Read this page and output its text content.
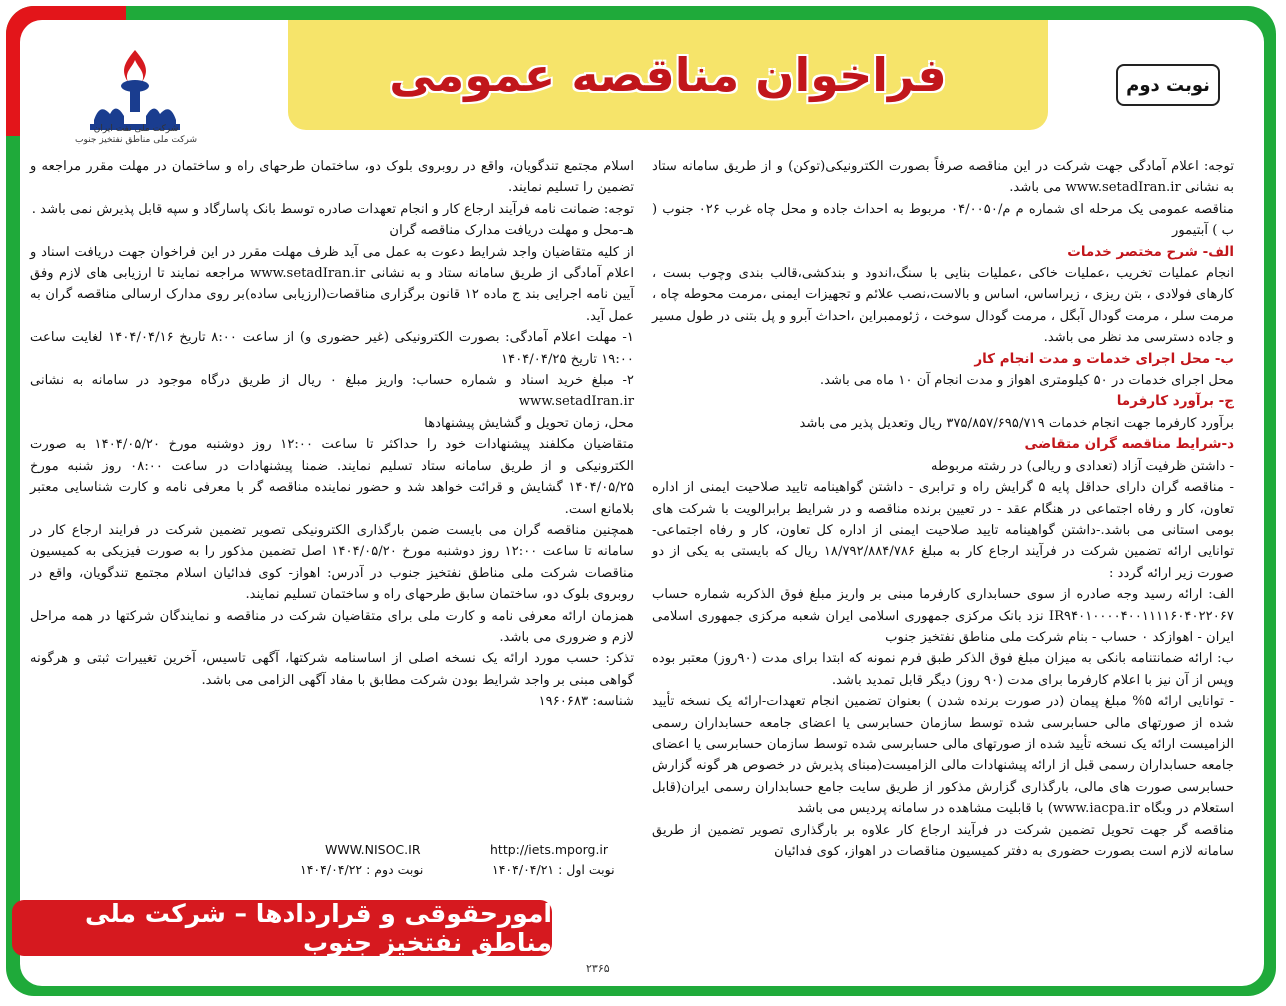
فراخوان مناقصه عمومی	نوبت دوم
شرکت ملی نفت ایران
شرکت ملی مناطق نفتخیز جنوب

توجه: اعلام آمادگی جهت شرکت در این مناقصه صرفاً بصورت الکترونیکی(توکن) و از طریق سامانه ستاد به نشانی www.setadIran.ir می باشد.

مناقصه عمومی یک مرحله ای شماره م م/۰۴/۰۰۵۰ مربوط به احداث جاده و محل چاه غرب ۰۲۶ جنوب ( ب ) آبتیمور

الف- شرح مختصر خدمات

انجام عملیات تخریب ،عملیات خاکی ،عملیات بنایی با سنگ،اندود و بندکشی،قالب بندی وچوب بست ، کارهای فولادی ، بتن ریزی ، زیراساس، اساس و بالاست،نصب علائم و تجهیزات ایمنی ،مرمت محوطه چاه ، مرمت سلر ، مرمت گودال آبگل ، مرمت گودال سوخت ، ژئوممبراین ،احداث آبرو و پل بتنی در طول مسیر و جاده دسترسی مد نظر می باشد.

ب- محل اجرای خدمات و مدت انجام کار

محل اجرای خدمات در ۵۰ کیلومتری اهواز و مدت انجام آن ۱۰ ماه می باشد.

ج- برآورد کارفرما

برآورد کارفرما جهت انجام خدمات ۳۷۵/۸۵۷/۶۹۵/۷۱۹ ریال وتعدیل پذیر می باشد

د-شرایط مناقصه گران متقاضی

- داشتن ظرفیت آزاد (تعدادی و ریالی) در رشته مربوطه

- مناقصه گران دارای حداقل پایه ۵ گرایش راه و ترابری - داشتن گواهینامه تایید صلاحیت ایمنی از اداره تعاون، کار و رفاه اجتماعی در هنگام عقد - در تعیین برنده مناقصه و در شرایط برابرالویت با شرکت های بومی استانی می باشد.-داشتن گواهینامه تایید صلاحیت ایمنی از اداره کل تعاون، کار و رفاه اجتماعی- توانایی ارائه تضمین شرکت در فرآیند ارجاع کار به مبلغ ۱۸/۷۹۲/۸۸۴/۷۸۶ ریال که بایستی به یکی از دو صورت زیر ارائه گردد :

الف: ارائه رسید وجه صادره از سوی حسابداری کارفرما مبنی بر واریز مبلغ فوق الذکربه شماره حساب IR۹۴۰۱۰۰۰۰۴۰۰۱۱۱۱۶۰۴۰۲۲۰۶۷ نزد بانک مرکزی جمهوری اسلامی ایران شعبه مرکزی جمهوری اسلامی ایران - اهوازکد ۰ حساب - بنام شرکت ملی مناطق نفتخیز جنوب

ب: ارائه ضمانتنامه بانکی به میزان مبلغ فوق الذکر طبق فرم نمونه که ابتدا برای مدت (۹۰روز) معتبر بوده وپس از آن نیز با اعلام کارفرما برای مدت (۹۰ روز) دیگر قابل تمدید باشد.

- توانایی ارائه ۵% مبلغ پیمان (در صورت برنده شدن ) بعنوان تضمین انجام تعهدات-ارائه یک نسخه تأیید شده از صورتهای مالی حسابرسی شده توسط سازمان حسابرسی یا اعضای جامعه حسابداران رسمی الزامیست ارائه یک نسخه تأیید شده از صورتهای مالی حسابرسی شده توسط سازمان حسابرسی یا اعضای جامعه حسابداران رسمی قبل از ارائه پیشنهادات مالی الزامیست(مبنای پذیرش در خصوص هر گونه گزارش حسابرسی صورت های مالی، بارگذاری گزارش مذکور از طریق سایت جامع حسابداران رسمی ایران(قابل استعلام در وبگاه www.iacpa.ir) با قابلیت مشاهده در سامانه پردیس می باشد

مناقصه گر جهت تحویل تضمین شرکت در فرآیند ارجاع کار علاوه بر بارگذاری تصویر تضمین از طریق سامانه لازم است بصورت حضوری به دفتر کمیسیون مناقصات در اهواز، کوی فدائیان

اسلام مجتمع تندگویان، واقع در روبروی بلوک دو، ساختمان طرحهای راه و ساختمان در مهلت مقرر مراجعه و تضمین را تسلیم نمایند.

توجه: ضمانت نامه فرآیند ارجاع کار و انجام تعهدات صادره توسط بانک پاسارگاد و سپه قابل پذیرش نمی باشد .

هـ-محل و مهلت دریافت مدارک مناقصه گران

از کلیه متقاضیان واجد شرایط دعوت به عمل می آید ظرف مهلت مقرر در این فراخوان جهت دریافت اسناد و اعلام آمادگی از طریق سامانه ستاد و به نشانی www.setadIran.ir مراجعه نمایند تا ارزیابی های لازم وفق آیین نامه اجرایی بند ج ماده ۱۲ قانون برگزاری مناقصات(ارزیابی ساده)بر روی مدارک ارسالی مناقصه گران به عمل آید.

۱- مهلت اعلام آمادگی: بصورت الکترونیکی (غیر حضوری و) از ساعت ۸:۰۰ تاریخ ۱۴۰۴/۰۴/۱۶ لغایت ساعت ۱۹:۰۰ تاریخ ۱۴۰۴/۰۴/۲۵

۲- مبلغ خرید اسناد و شماره حساب: واریز مبلغ ۰ ریال از طریق درگاه موجود در سامانه به نشانی www.setadIran.ir

محل، زمان تحویل و گشایش پیشنهادها

متقاضیان مکلفند پیشنهادات خود را حداکثر تا ساعت ۱۲:۰۰ روز دوشنبه مورخ ۱۴۰۴/۰۵/۲۰ به صورت الکترونیکی و از طریق سامانه ستاد تسلیم نمایند. ضمنا پیشنهادات در ساعت ۰۸:۰۰ روز شنبه مورخ ۱۴۰۴/۰۵/۲۵ گشایش و قرائت خواهد شد و حضور نماینده مناقصه گر با معرفی نامه و کارت شناسایی معتبر بلامانع است.

همچنین مناقصه گران می بایست ضمن بارگذاری الکترونیکی تصویر تضمین شرکت در فرایند ارجاع کار در سامانه تا ساعت ۱۲:۰۰ روز دوشنبه مورخ ۱۴۰۴/۰۵/۲۰ اصل تضمین مذکور را به صورت فیزیکی به کمیسیون مناقصات شرکت ملی مناطق نفتخیز جنوب در آدرس: اهواز- کوی فدائیان اسلام مجتمع تندگویان، واقع در روبروی بلوک دو، ساختمان سابق طرحهای راه و ساختمان تسلیم نمایند.

همزمان ارائه معرفی نامه و کارت ملی برای متقاضیان شرکت در مناقصه و نمایندگان شرکتها در همه مراحل لازم و ضروری می باشد.

تذکر: حسب مورد ارائه یک نسخه اصلی از اساسنامه شرکتها، آگهی تاسیس، آخرین تغییرات ثبتی و هرگونه گواهی مبنی بر واجد شرایط بودن شرکت مطابق با مفاد آگهی الزامی می باشد.

شناسه: ۱۹۶۰۶۸۳

http://iets.mporg.ir
WWW.NISOC.IR
نوبت اول : ۱۴۰۴/۰۴/۲۱
نوبت دوم : ۱۴۰۴/۰۴/۲۲
۲۳۶۵
امورحقوقی و قراردادها – شرکت ملی مناطق نفتخیز جنوب
